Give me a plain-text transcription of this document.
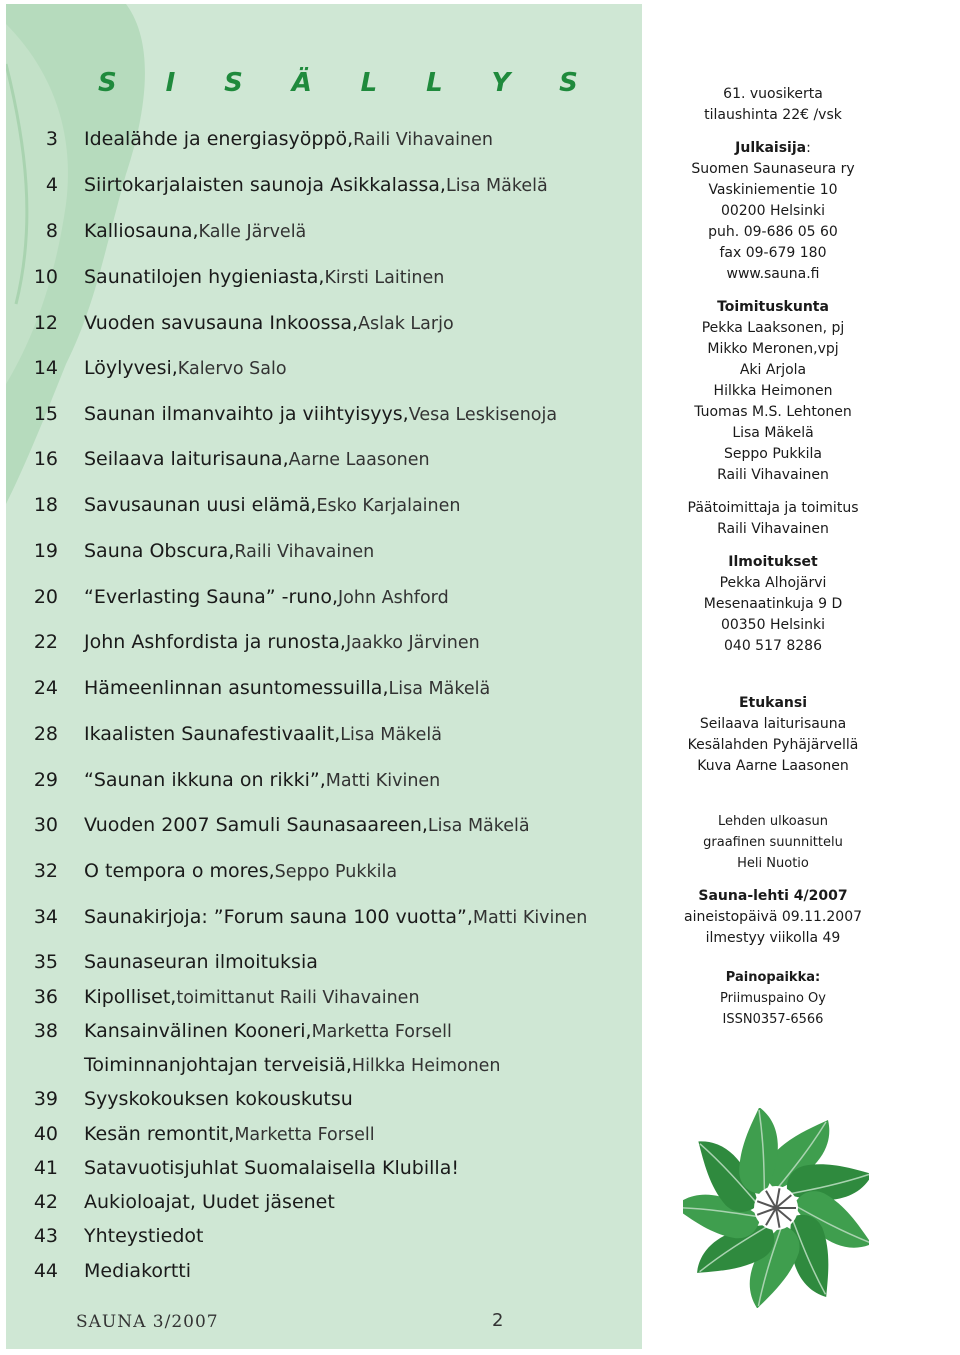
S I S Ä L L Y S
3	Idealähde ja energiasyöppö, Raili Vihavainen
4	Siirtokarjalaisten saunoja Asikkalassa, Lisa Mäkelä
8	Kalliosauna, Kalle Järvelä
10	Saunatilojen hygieniasta, Kirsti Laitinen
12	Vuoden savusauna Inkoossa, Aslak Larjo
14	Löylyvesi, Kalervo Salo
15	Saunan ilmanvaihto ja viihtyisyys, Vesa Leskisenoja
16	Seilaava laiturisauna, Aarne Laasonen
18	Savusaunan uusi elämä, Esko Karjalainen
19	Sauna Obscura, Raili Vihavainen
20	“Everlasting Sauna” -runo, John Ashford
22	John Ashfordista ja runosta, Jaakko Järvinen
24	Hämeenlinnan asuntomessuilla, Lisa Mäkelä
28	Ikaalisten Saunafestivaalit, Lisa Mäkelä
29	“Saunan ikkuna on rikki”, Matti Kivinen
30	Vuoden 2007 Samuli Saunasaareen, Lisa Mäkelä
32	O tempora o mores, Seppo Pukkila
34	Saunakirjoja: ”Forum sauna 100 vuotta”, Matti Kivinen
35	Saunaseuran ilmoituksia
36	Kipolliset, toimittanut Raili Vihavainen
38	Kansainvälinen Kooneri, Marketta Forsell
Toiminnanjohtajan terveisiä, Hilkka Heimonen
39	Syyskokouksen kokouskutsu
40	Kesän remontit, Marketta Forsell
41	Satavuotisjuhlat Suomalaisella Klubilla!
42	Aukioloajat, Uudet jäsenet
43	Yhteystiedot
44	Mediakortti
SAUNA 3/2007	2
61. vuosikerta
tilaushinta 22€ /vsk
Julkaisija:
Suomen Saunaseura ry
Vaskiniementie 10
00200 Helsinki
puh. 09-686 05 60
fax 09-679 180
www.sauna.fi
Toimituskunta
Pekka Laaksonen, pj
Mikko Meronen,vpj
Aki Arjola
Hilkka Heimonen
Tuomas M.S. Lehtonen
Lisa Mäkelä
Seppo Pukkila
Raili Vihavainen
Päätoimittaja ja toimitus
Raili Vihavainen
Ilmoitukset
Pekka Alhojärvi
Mesenaatinkuja 9 D
00350 Helsinki
040 517 8286
Etukansi
Seilaava laiturisauna
Kesälahden Pyhäjärvellä
Kuva Aarne Laasonen
Lehden ulkoasun
graafinen suunnittelu
Heli Nuotio
Sauna-lehti 4/2007
aineistopäivä 09.11.2007
ilmestyy viikolla 49
Painopaikka:
Priimuspaino Oy
ISSN0357-6566
